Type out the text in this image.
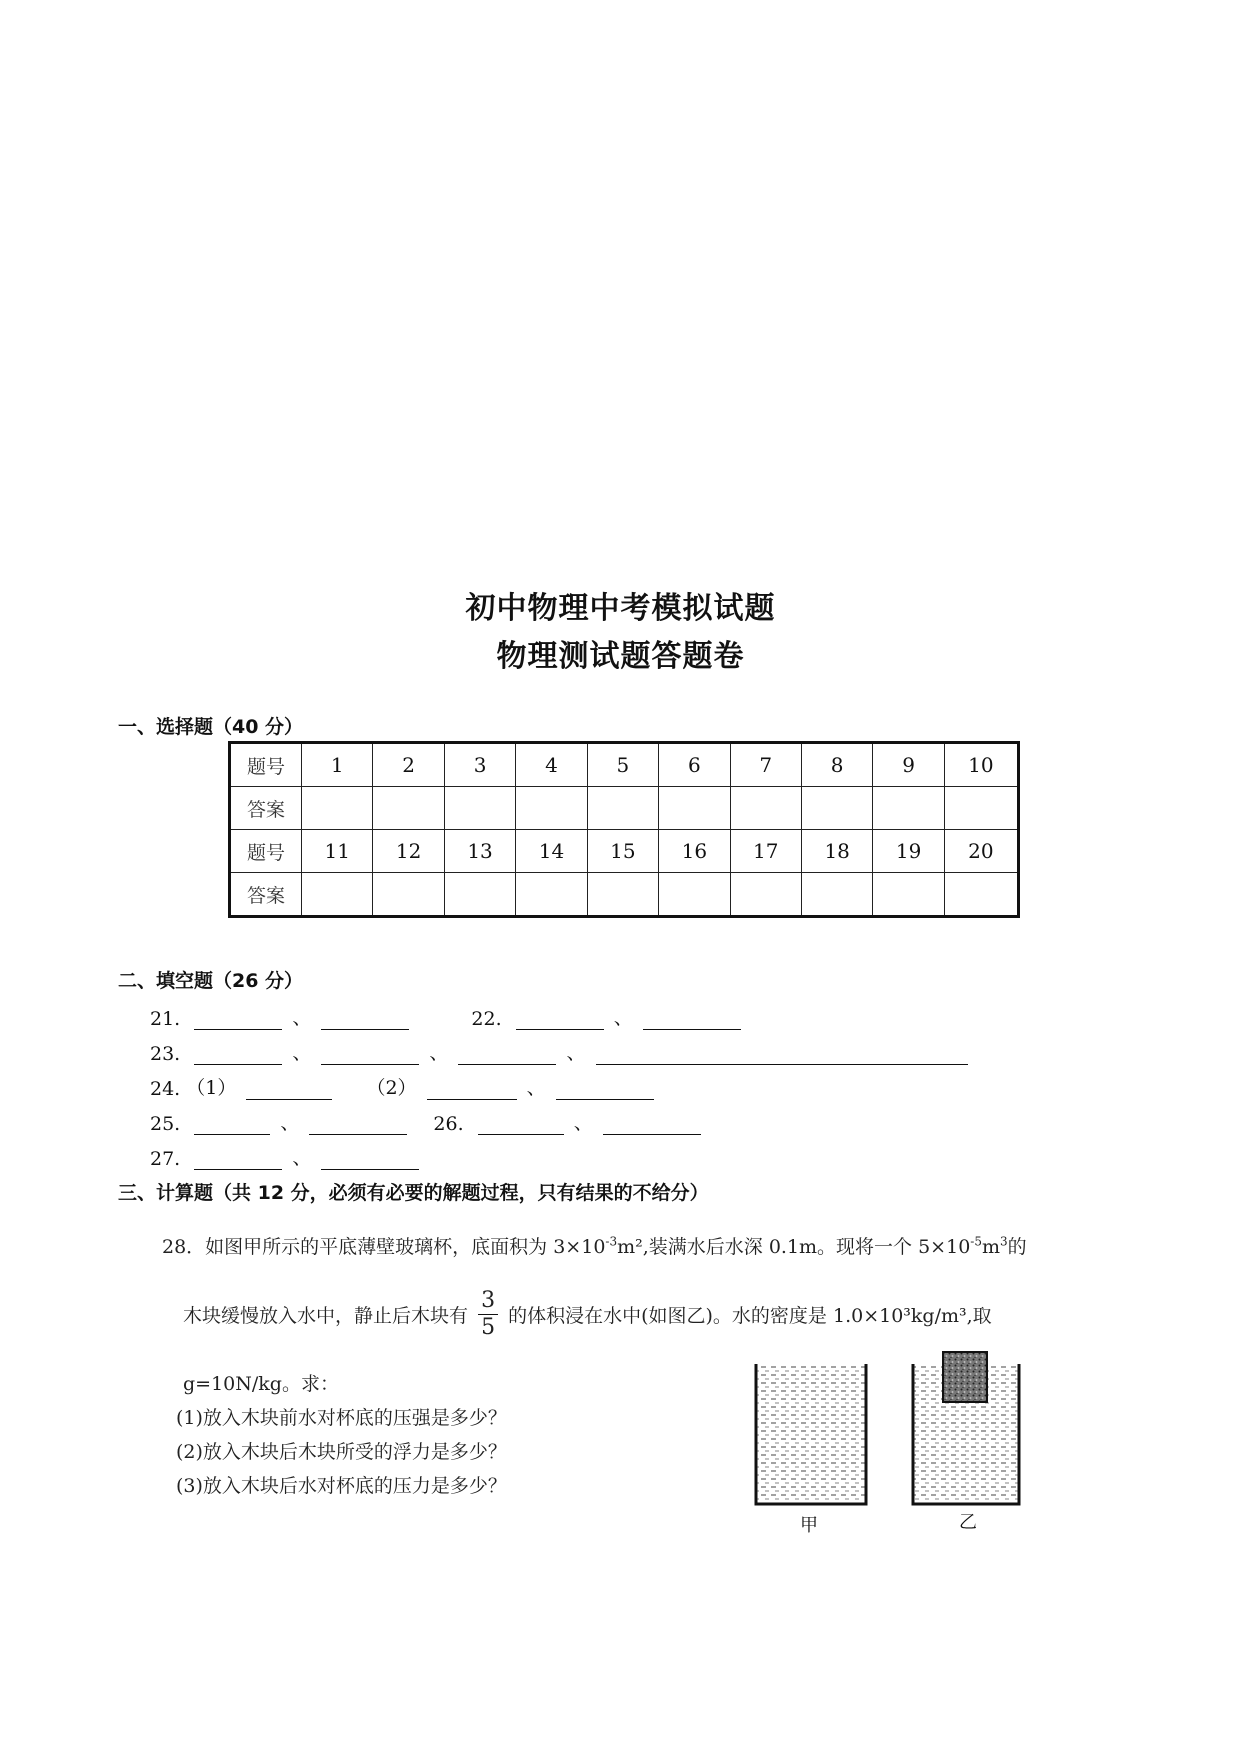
初中物理中考模拟试题
物理测试题答题卷
一、选择题（40 分）
题号	1	2	3	4	5	6	7	8	9	10
答案										
题号	11	12	13	14	15	16	17	18	19	20
答案										
二、填空题（26 分）
21.	、	22.	、
23.	、	、	、
24. （1）	（2）	、
25.	、	26.	、
27.	、
三、计算题（共 12 分，必须有必要的解题过程，只有结果的不给分）
28．如图甲所示的平底薄壁玻璃杯，底面积为 $3\times 10^{-3}m^2$,装满水后水深 0.1m。现将一个 $5\times 10^{-5}m^3$的
木块缓慢放入水中，静止后木块有 $\frac{3}{5}$ 的体积浸在水中(如图乙)。水的密度是 1.0×10³kg/m³,取
g=10N/kg。求：
(1)放入木块前水对杯底的压强是多少？
(2)放入木块后木块所受的浮力是多少？
(3)放入木块后水对杯底的压力是多少？
甲	乙
